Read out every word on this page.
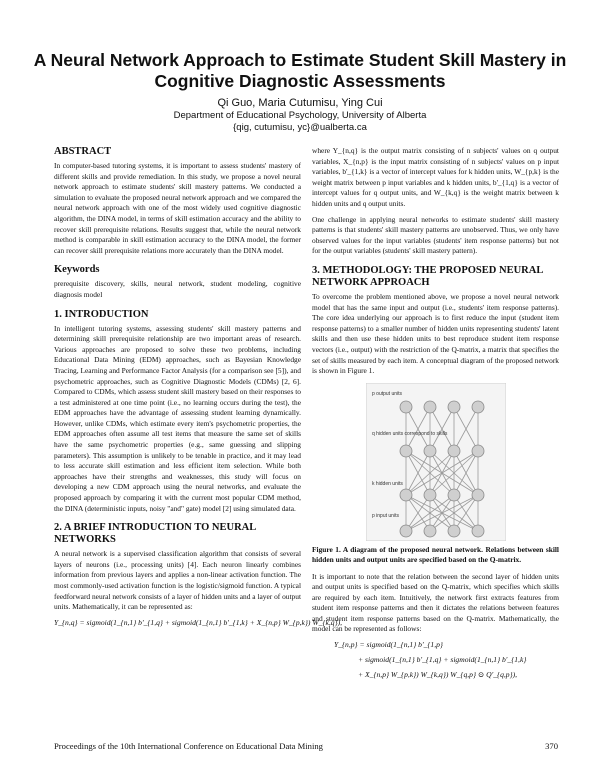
A Neural Network Approach to Estimate Student Skill Mastery in Cognitive Diagnostic Assessments
Qi Guo, Maria Cutumisu, Ying Cui
Department of Educational Psychology, University of Alberta
{qig, cutumisu, yc}@ualberta.ca
ABSTRACT

In computer-based tutoring systems, it is important to assess students' mastery of different skills and provide remediation. In this study, we propose a novel neural network approach to estimate students' skill mastery patterns. We conducted a simulation to evaluate the proposed neural network approach and we compared the neural network approach with one of the most widely used cognitive diagnostic algorithm, the DINA model, in terms of skill estimation accuracy and the ability to recover skill prerequisite relations. Results suggest that, while the neural network method is comparable in skill estimation accuracy to the DINA model, the former can recover skill prerequisite relations more accurately than the DINA model.

Keywords

prerequisite discovery, skills, neural network, student modeling, cognitive diagnosis model

1. INTRODUCTION

In intelligent tutoring systems, assessing students' skill mastery patterns and determining skill prerequisite relationship are two important areas of research. Various approaches are proposed to solve these two problems, including Educational Data Mining (EDM) approaches, such as Bayesian Knowledge Tracing, Learning and Performance Factor Analysis (for a comparison see [5]), and psychometric approaches, such as Cognitive Diagnostic Models (CDMs) [2, 6]. Compared to CDMs, which assess student skill mastery based on their responses to a test administered at one time point (i.e., no learning occurs during the test), the EDM approaches have the advantage of assessing student learning dynamically. However, unlike CDMs, which estimate every item's psychometric properties, the EDM approaches often assume all test items that measure the same set of skills have the same psychometric properties (e.g., same guessing and slipping parameters). This assumption is unlikely to be tenable in practice, and it may lead to less accurate skill estimation and less efficient item selection. While both approaches have their strengths and weaknesses, this study will focus on developing a new CDM approach using the neural networks, and evaluate the proposed approach by comparing it with the current most popular CDM method, the DINA (deterministic inputs, noisy "and" gate) model [2] using simulated data.

2. A BRIEF INTRODUCTION TO NEURAL NETWORKS

A neural network is a supervised classification algorithm that consists of several layers of neurons (i.e., processing units) [4]. Each neuron linearly combines information from previous layers and applies a non-linear activation function. The most commonly-used activation function is the logistic/sigmoid function. A typical feedforward neural network consists of a layer of hidden units and a layer of output units. Mathematically, it can be represented as:

Y_{n,q} = sigmoid(1_{n,1} b'_{1,q} + sigmoid(1_{n,1} b'_{1,k} + X_{n,p} W_{p,k}) W_{k,q}),

where Y_{n,q} is the output matrix consisting of n subjects' values on q output variables, X_{n,p} is the input matrix consisting of n subjects' values on p input variables, b'_{1,k} is a vector of intercept values for k hidden units, W_{p,k} is the weight matrix between p input variables and k hidden units, b'_{1,q} is a vector of intercept values for q output units, and W_{k,q} is the weight matrix between k hidden units and q output units.

One challenge in applying neural networks to estimate students' skill mastery patterns is that students' skill mastery patterns are unobserved. Thus, we only have observed values for the input variables (students' item response patterns) but not for the output variables (students' skill mastery pattern).

3. METHODOLOGY: THE PROPOSED NEURAL NETWORK APPROACH

To overcome the problem mentioned above, we propose a novel neural network model that has the same input and output (i.e., students' item response patterns). The core idea underlying our approach is to first reduce the input (student item response patterns) to a smaller number of hidden units representing students' latent skills and then use these hidden units to best reproduce student item response vectors (i.e., output) with the restriction of the Q-matrix, a matrix that specifies the set of skills measured by each item. A conceptual diagram of the proposed network is shown in Figure 1.

p output units
q hidden units correspond to skills
k hidden units
p input units
Figure 1. A diagram of the proposed neural network. Relations between skill hidden units and output units are specified based on the Q-matrix.

It is important to note that the relation between the second layer of hidden units and output units is specified based on the Q-matrix, which specifies which skills are required by each item. Intuitively, the network first extracts features from student item response patterns and then it dictates the relations between features and student item response patterns based on the Q-matrix. Mathematically, the model can be represented as follows:

Y_{n,p} = sigmoid(1_{n,1} b'_{1,p}
+ sigmoid(1_{n,1} b'_{1,q} + sigmoid(1_{n,1} b'_{1,k}
+ X_{n,p} W_{p,k}) W_{k,q}) W_{q,p} ⊙ Q'_{q,p}),
Proceedings of the 10th International Conference on Educational Data Mining	370
